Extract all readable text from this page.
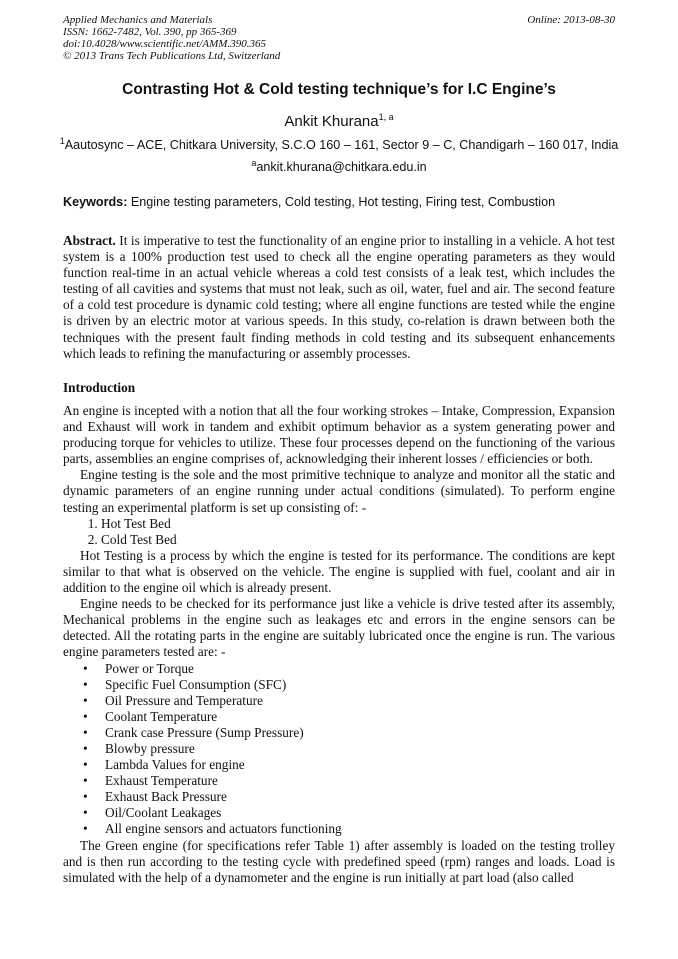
Applied Mechanics and Materials
ISSN: 1662-7482, Vol. 390, pp 365-369
doi:10.4028/www.scientific.net/AMM.390.365
© 2013 Trans Tech Publications Ltd, Switzerland
Online: 2013-08-30
Contrasting Hot & Cold testing technique’s for I.C Engine’s
Ankit Khurana$^{1, a}$
$^1$Aautosync – ACE, Chitkara University, S.C.O 160 – 161, Sector 9 – C, Chandigarh – 160 017, India
$^a$ankit.khurana@chitkara.edu.in
Keywords: Engine testing parameters, Cold testing, Hot testing, Firing test, Combustion

Abstract. It is imperative to test the functionality of an engine prior to installing in a vehicle. A hot test system is a 100% production test used to check all the engine operating parameters as they would function real-time in an actual vehicle whereas a cold test consists of a leak test, which includes the testing of all cavities and systems that must not leak, such as oil, water, fuel and air. The second feature of a cold test procedure is dynamic cold testing; where all engine functions are tested while the engine is driven by an electric motor at various speeds. In this study, co-relation is drawn between both the techniques with the present fault finding methods in cold testing and its subsequent enhancements which leads to refining the manufacturing or assembly processes.

Introduction

An engine is incepted with a notion that all the four working strokes – Intake, Compression, Expansion and Exhaust will work in tandem and exhibit optimum behavior as a system generating power and producing torque for vehicles to utilize. These four processes depend on the functioning of the various parts, assemblies an engine comprises of, acknowledging their inherent losses / efficiencies or both.

Engine testing is the sole and the most primitive technique to analyze and monitor all the static and dynamic parameters of an engine running under actual conditions (simulated). To perform engine testing an experimental platform is set up consisting of: -

1. Hot Test Bed
2. Cold Test Bed

Hot Testing is a process by which the engine is tested for its performance. The conditions are kept similar to that what is observed on the vehicle. The engine is supplied with fuel, coolant and air in addition to the engine oil which is already present.

Engine needs to be checked for its performance just like a vehicle is drive tested after its assembly, Mechanical problems in the engine such as leakages etc and errors in the engine sensors can be detected. All the rotating parts in the engine are suitably lubricated once the engine is run. The various engine parameters tested are: -

• Power or Torque
• Specific Fuel Consumption (SFC)
• Oil Pressure and Temperature
• Coolant Temperature
• Crank case Pressure (Sump Pressure)
• Blowby pressure
• Lambda Values for engine
• Exhaust Temperature
• Exhaust Back Pressure
• Oil/Coolant Leakages
• All engine sensors and actuators functioning

The Green engine (for specifications refer Table 1) after assembly is loaded on the testing trolley and is then run according to the testing cycle with predefined speed (rpm) ranges and loads. Load is simulated with the help of a dynamometer and the engine is run initially at part load (also called
